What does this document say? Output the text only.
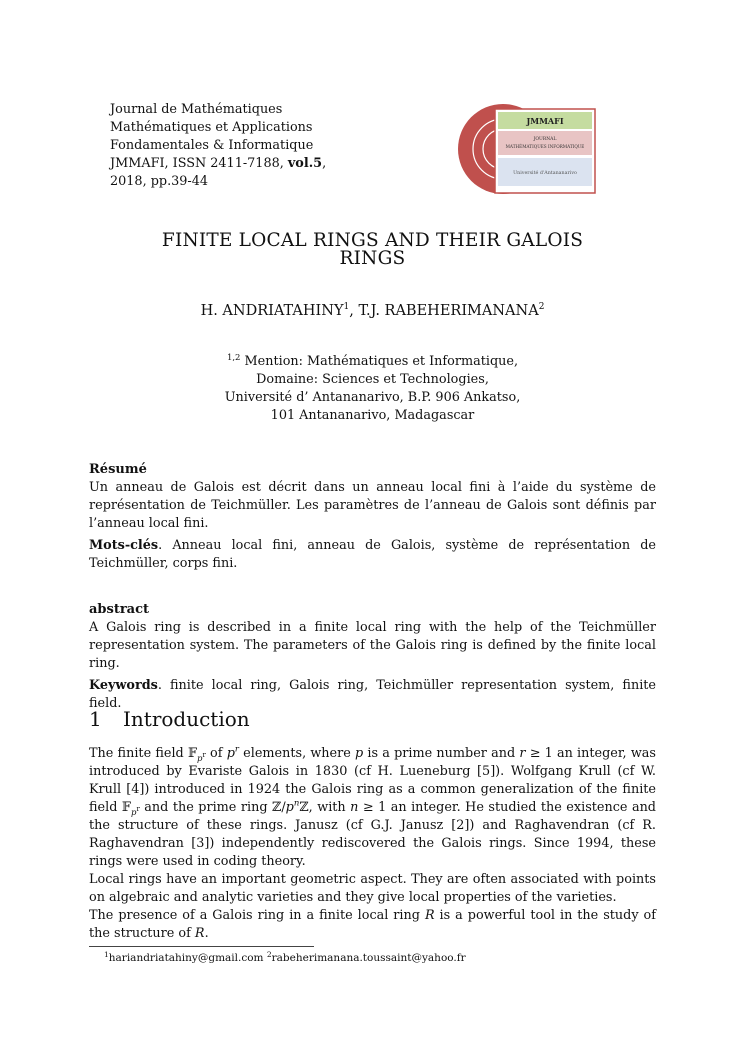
Journal de Mathématiques
Mathématiques et Applications
Fondamentales & Informatique
JMMAFI, ISSN 2411-7188, vol.5,
2018, pp.39-44
JMMAFI
JOURNAL
MATHÉMATIQUES INFORMATIQUE
Université d'Antananarivo
FINITE LOCAL RINGS AND THEIR GALOIS
RINGS
H. ANDRIATAHINY$^1$, T.J. RABEHERIMANANA$^2$
$^{1,2}$ Mention: Mathématiques et Informatique,
Domaine: Sciences et Technologies,
Université d’ Antananarivo, B.P. 906 Ankatso,
101 Antananarivo, Madagascar
Résumé
Un anneau de Galois est décrit dans un anneau local fini à l’aide du système de représentation de Teichmüller. Les paramètres de l’anneau de Galois sont définis par l’anneau local fini.
Mots-clés. Anneau local fini, anneau de Galois, système de représentation de Teichmüller, corps fini.
abstract
A Galois ring is described in a finite local ring with the help of the Teichmüller representation system. The parameters of the Galois ring is defined by the finite local ring.
Keywords. finite local ring, Galois ring, Teichmüller representation system, finite field.
1 Introduction
The finite field 𝔽$_{p^r}$ of $p^r$ elements, where p is a prime number and r ≥ 1 an integer, was introduced by Evariste Galois in 1830 (cf H. Lueneburg [5]). Wolfgang Krull (cf W. Krull [4]) introduced in 1924 the Galois ring as a common generalization of the finite field 𝔽$_{p^r}$ and the prime ring $ℤ/p^nℤ$, with n ≥ 1 an integer. He studied the existence and the structure of these rings. Janusz (cf G.J. Janusz [2]) and Raghavendran (cf R. Raghavendran [3]) independently rediscovered the Galois rings. Since 1994, these rings were used in coding theory.
Local rings have an important geometric aspect. They are often associated with points on algebraic and analytic varieties and they give local properties of the varieties.
The presence of a Galois ring in a finite local ring R is a powerful tool in the study of the structure of R.
$^1$hariandriatahiny@gmail.com $^2$rabeherimanana.toussaint@yahoo.fr
